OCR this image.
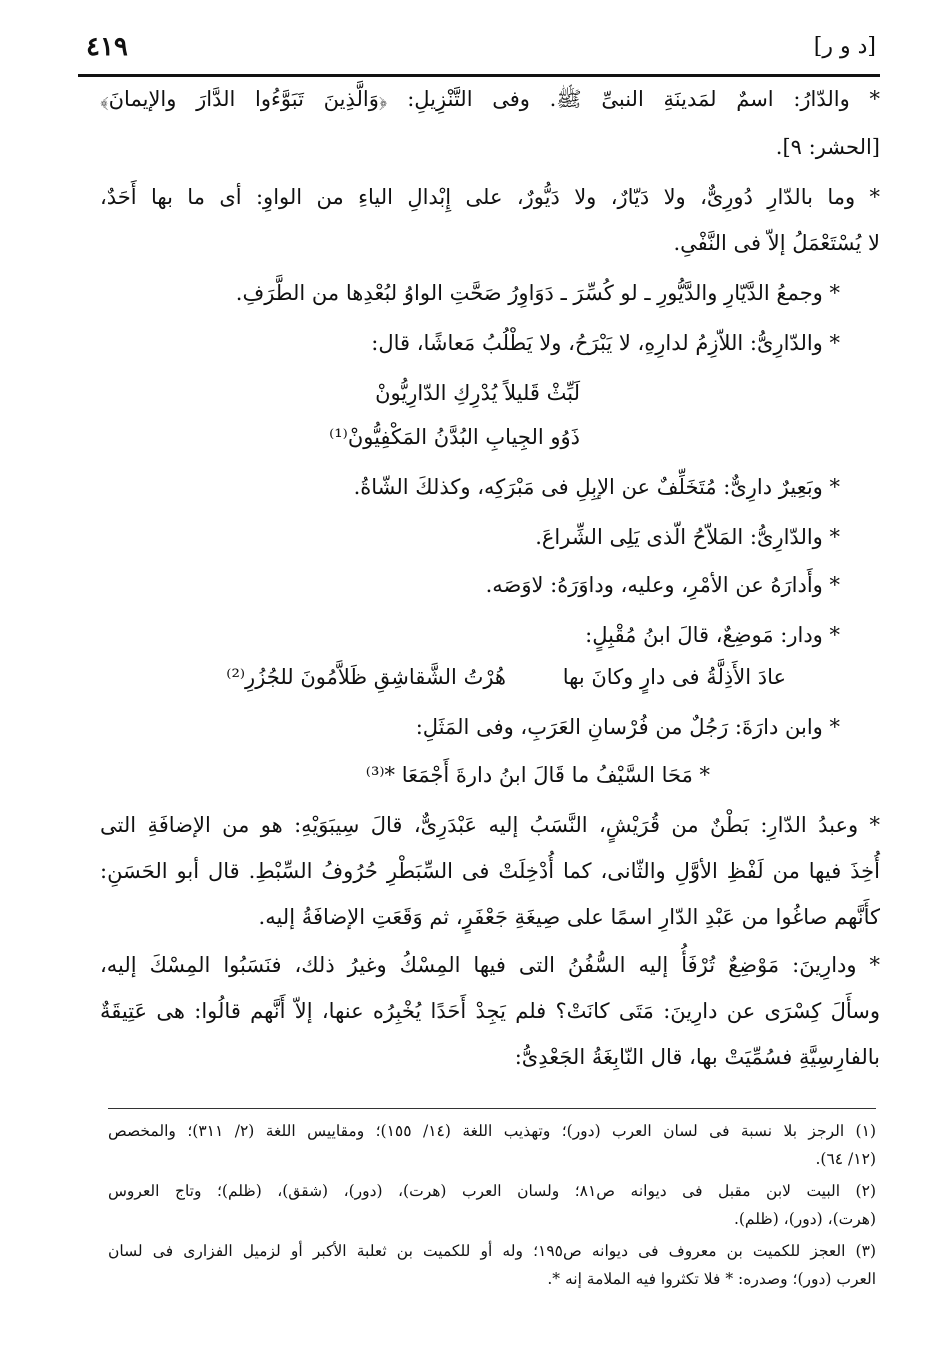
٤١٩	[د و ر]
* والدّارُ: اسمٌ لمَدينَةِ النبىِّ ﷺ. وفى التَّنْزِيلِ: ﴿وَالَّذِينَ تَبَوَّءُوا الدَّارَ والإيمانَ﴾
[الحشر: ٩].
* وما بالدّارِ دُورِىٌّ، ولا دَيّارٌ، ولا دَيُّورٌ، على إِبْدالِ الياءِ من الواوِ: أى ما بها أَحَدٌ،
لا يُسْتَعْمَلُ إلاّ فى النَّفْىِ.
* وجمعُ الدَّيّارِ والدَّيُّورِ ـ لو كُسِّرَ ـ دَوَاوِرُ صَحَّتِ الواوُ لبُعْدِها من الطَّرَفِ.
* والدّارِىُّ: اللاّزِمُ لدارِهِ، لا يَبْرَحُ، ولا يَطْلُبُ مَعاشًا، قال:
لَبِّثْ قَليلاً يُدْرِكِ الدّارِيُّونْ
ذَوُو الجِيابِ البُدَّنُ المَكْفِيُّونْ⁽¹⁾
* وبَعِيرٌ دارِىٌّ: مُتَخَلِّفٌ عن الإبِلِ فى مَبْرَكِه، وكذلكَ الشّاةُ.
* والدّارِىُّ: المَلاّحُ الّذى يَلِى الشِّراعَ.
* وأَدارَهُ عن الأمْرِ، وعليه، وداوَرَهُ: لاوَصَه.
* ودار: مَوضِعٌ، قالَ ابنُ مُقْبِلٍ:
عادَ الأَذِلَّةُ فى دارٍ وكانَ بها
هُرْتُ الشَّقاشِقِ ظَلاَّمُونَ للجُزُرِ⁽²⁾
* وابن دارَةَ: رَجُلٌ من فُرْسانِ العَرَبِ، وفى المَثَلِ:
* مَحَا السَّيْفُ ما قَالَ ابنُ دارةَ أَجْمَعَا *⁽³⁾
* وعبدُ الدّارِ: بَطْنٌ من قُرَيْشٍ، النَّسَبُ إليه عَبْدَرِىٌّ، قالَ سِيبَوَيْهِ: هو من الإضافَةِ التى
أُخِذَ فيها من لَفْظِ الأوَّلِ والثّانى، كما أُدْخِلَتْ فى السِّبَطْرِ حُرُوفُ السِّبْطِ. قال أبو الحَسَنِ:
كأَنَّهم صاغُوا من عَبْدِ الدّارِ اسمًا على صِيغَةِ جَعْفَرٍ، ثم وَقَعَتِ الإضافَةُ إليه.
* ودارِينَ: مَوْضِعٌ تُرْفَأُ إليه السُّفُنُ التى فيها المِسْكُ وغيرُ ذلك، فنَسَبُوا المِسْكَ إليه،
وسأَلَ كِسْرَى عن دارِينَ: مَتَى كانَتْ؟ فلم يَجِدْ أَحَدًا يُخْبِرُه عنها، إلاّ أَنَّهم قالُوا: هى عَتِيقَةٌ
بالفارِسِيَّةِ فسُمِّيَتْ بها، قال النّابِغَةُ الجَعْدِىُّ:
(١) الرجز بلا نسبة فى لسان العرب (دور)؛ وتهذيب اللغة (١٤/ ١٥٥)؛ ومقاييس اللغة (٢/ ٣١١)؛ والمخصص
(١٢/ ٦٤).
(٢) البيت لابن مقبل فى ديوانه ص٨١؛ ولسان العرب (هرت)، (دور)، (شقق)، (ظلم)؛ وتاج العروس
(هرت)، (دور)، (ظلم).
(٣) العجز للكميت بن معروف فى ديوانه ص١٩٥؛ وله أو للكميت بن ثعلبة الأكبر أو لزميل الفزارى فى لسان
العرب (دور)؛ وصدره: * فلا تكثروا فيه الملامة إنه *.
